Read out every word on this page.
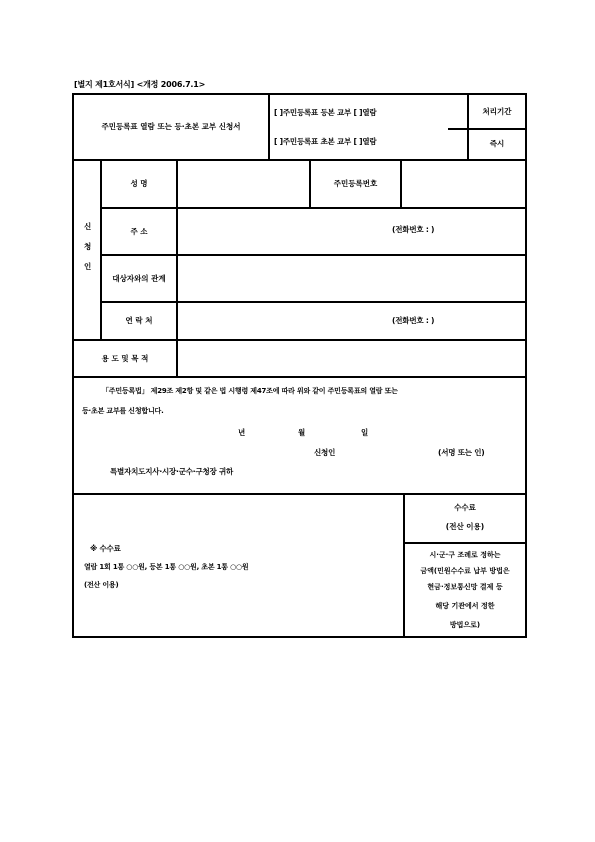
[별지 제1호서식] <개정 2006.7.1>
주민등록표 열람 또는 등·초본 교부 신청서
[ ]주민등록표 등본 교부 [ ]열람
[ ]주민등록표 초본 교부 [ ]열람
처리기간
즉시
신
청
인
성 명	주민등록번호
주 소	(전화번호 : )
대상자와의 관계
연 락 처	(전화번호 : )
용 도 및 목 적
「주민등록법」 제29조 제2항 및 같은 법 시행령 제47조에 따라 위와 같이 주민등록표의 열람 또는
등·초본 교부를 신청합니다.
년	월	일
신청인	(서명 또는 인)
특별자치도지사·시장·군수·구청장 귀하
※ 수수료
열람 1회 1통 ○○원, 등본 1통 ○○원, 초본 1통 ○○원
(전산 이용)
수수료
(전산 이용)
시·군·구 조례로 정하는
금액(민원수수료 납부 방법은
현금·정보통신망 결제 등
해당 기관에서 정한
방법으로)
